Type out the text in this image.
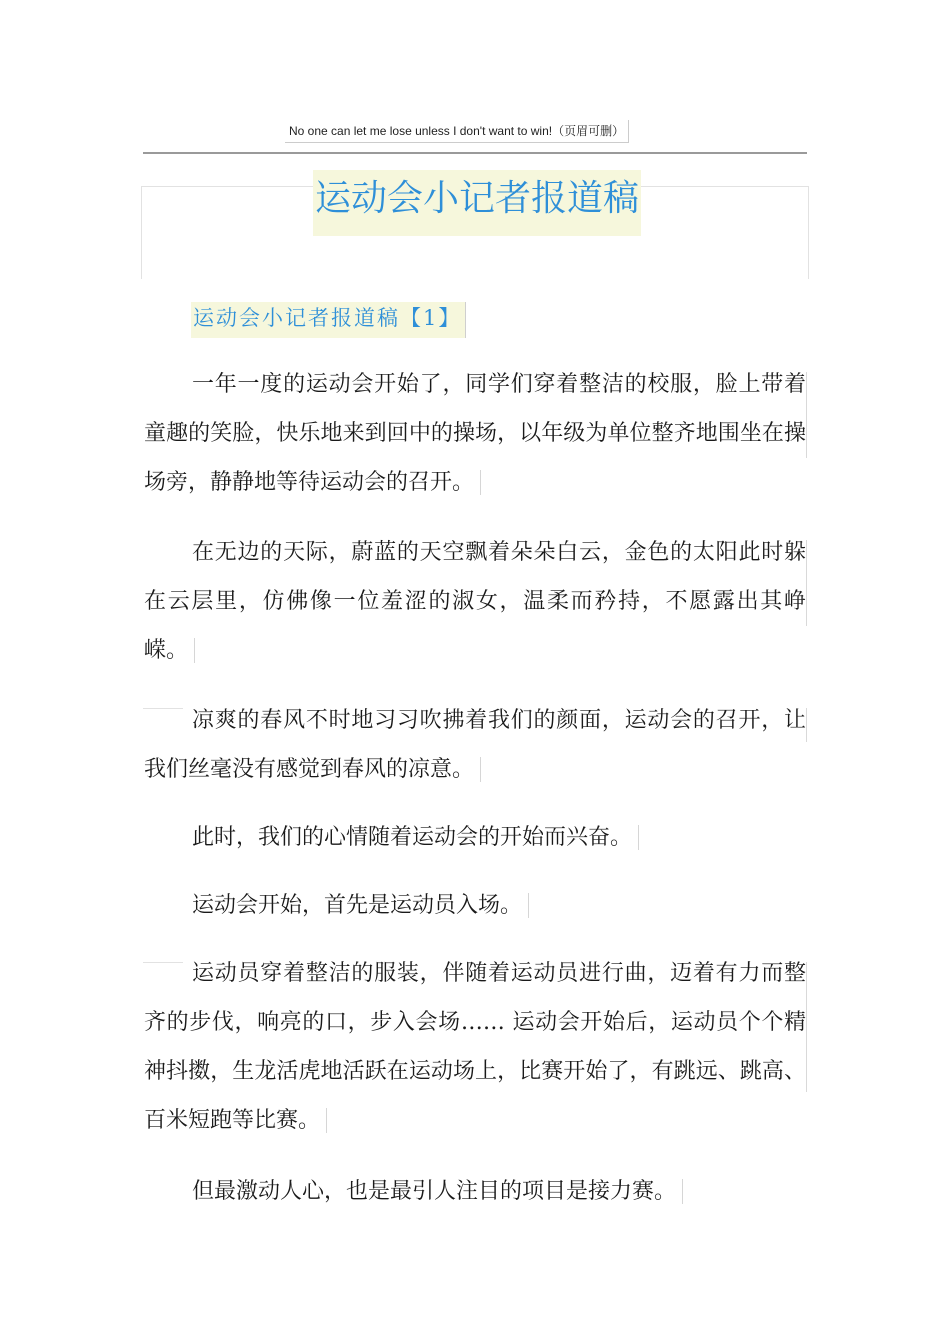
No one can let me lose unless I don't want to win!（页眉可删）
运动会小记者报道稿
运动会小记者报道稿【1】

一年一度的运动会开始了，同学们穿着整洁的校服，脸上带着童趣的笑脸，快乐地来到回中的操场，以年级为单位整齐地围坐在操场旁，静静地等待运动会的召开。

在无边的天际，蔚蓝的天空飘着朵朵白云，金色的太阳此时躲在云层里，仿佛像一位羞涩的淑女，温柔而矜持，不愿露出其峥嵘。

凉爽的春风不时地习习吹拂着我们的颜面，运动会的召开，让我们丝毫没有感觉到春风的凉意。

此时，我们的心情随着运动会的开始而兴奋。

运动会开始，首先是运动员入场。

运动员穿着整洁的服装，伴随着运动员进行曲，迈着有力而整齐的步伐，响亮的口，步入会场…… 运动会开始后，运动员个个精神抖擞，生龙活虎地活跃在运动场上，比赛开始了，有跳远、跳高、百米短跑等比赛。

但最激动人心，也是最引人注目的项目是接力赛。
